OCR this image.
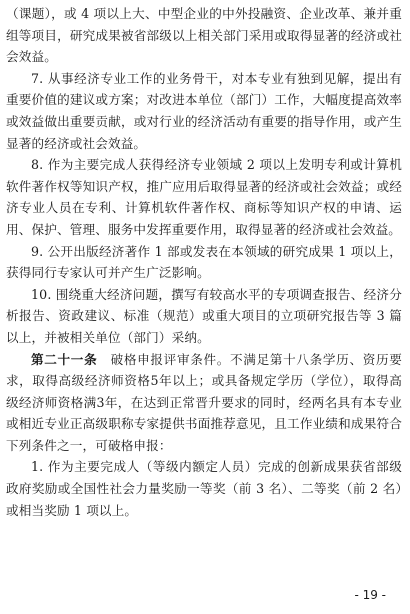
（课题），或 4 项以上大、中型企业的中外投融资、企业改革、兼并重组等项目，研究成果被省部级以上相关部门采用或取得显著的经济或社会效益。

7. 从事经济专业工作的业务骨干，对本专业有独到见解，提出有重要价值的建议或方案；对改进本单位（部门）工作，大幅度提高效率或效益做出重要贡献，或对行业的经济活动有重要的指导作用，或产生显著的经济或社会效益。

8. 作为主要完成人获得经济专业领域 2 项以上发明专利或计算机软件著作权等知识产权，推广应用后取得显著的经济或社会效益；或经济专业人员在专利、计算机软件著作权、商标等知识产权的申请、运用、保护、管理、服务中发挥重要作用，取得显著的经济或社会效益。

9. 公开出版经济著作 1 部或发表在本领域的研究成果 1 项以上，获得同行专家认可并产生广泛影响。

10. 围绕重大经济问题，撰写有较高水平的专项调查报告、经济分析报告、资政建议、标准（规范）或重大项目的立项研究报告等 3 篇以上，并被相关单位（部门）采纳。

第二十一条　破格申报评审条件。不满足第十八条学历、资历要求，取得高级经济师资格5年以上；或具备规定学历（学位），取得高级经济师资格满3年，在达到正常晋升要求的同时，经两名具有本专业或相近专业正高级职称专家提供书面推荐意见，且工作业绩和成果符合下列条件之一，可破格申报：

1. 作为主要完成人（等级内额定人员）完成的创新成果获省部级政府奖励或全国性社会力量奖励一等奖（前 3 名）、二等奖（前 2 名）或相当奖励 1 项以上。

- 19 -
